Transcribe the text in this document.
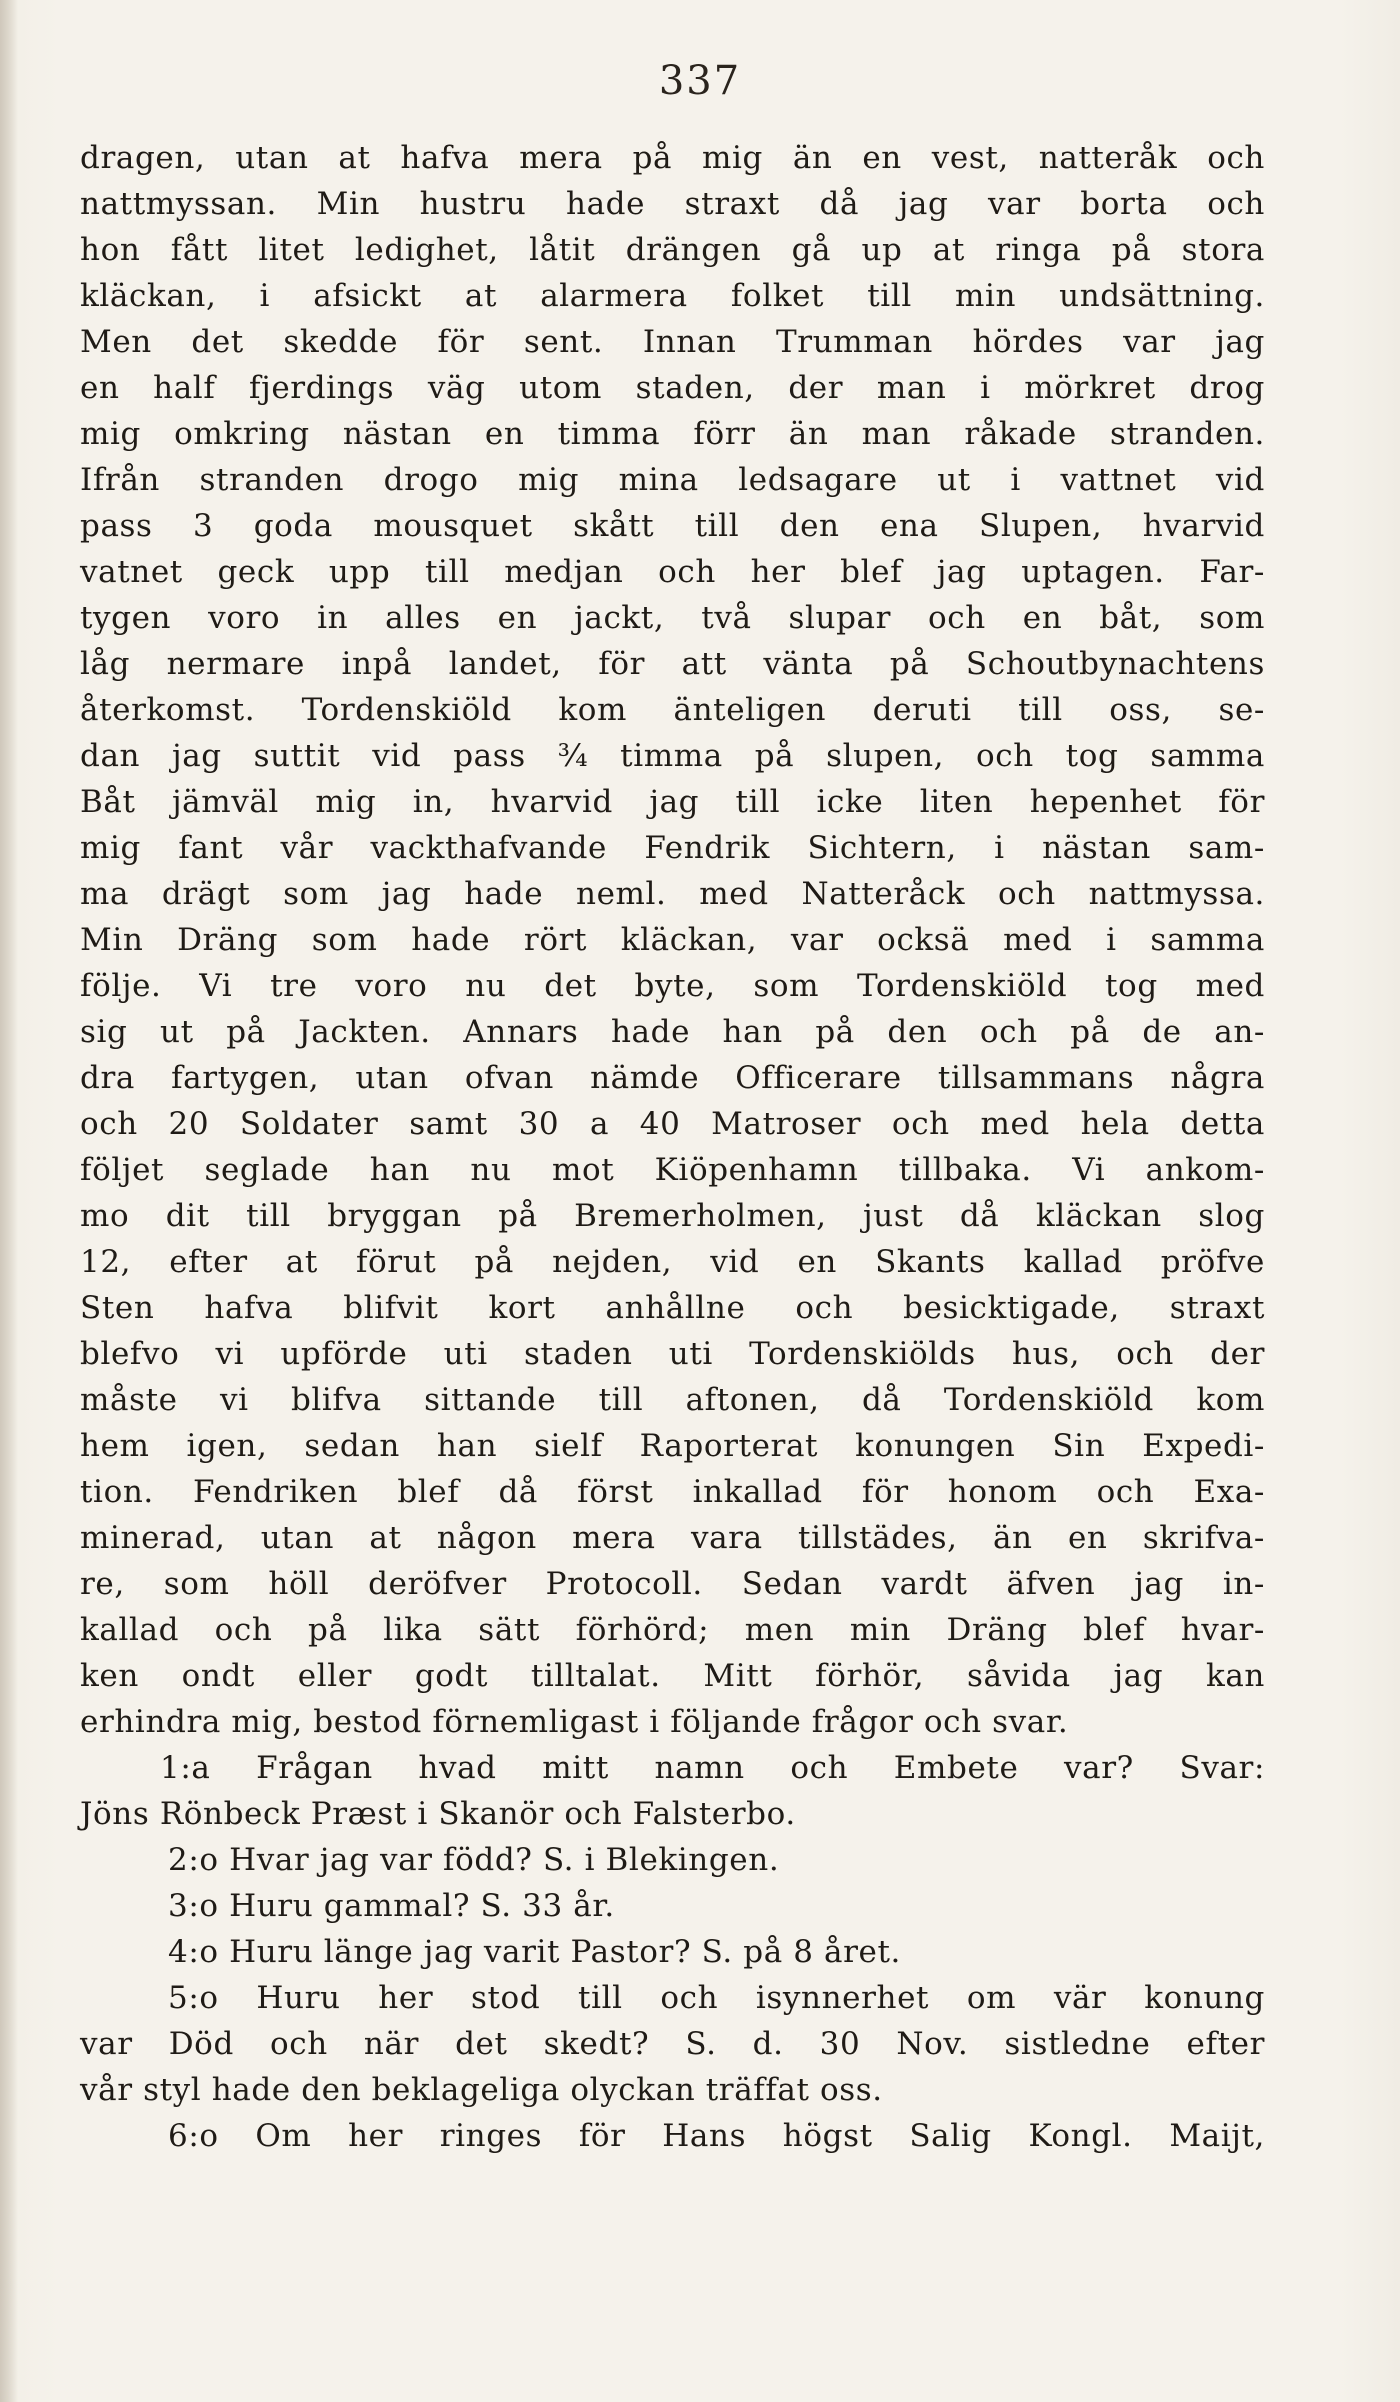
337
dragen, utan at hafva mera på mig än en vest, natteråk och
nattmyssan. Min hustru hade straxt då jag var borta och
hon fått litet ledighet, låtit drängen gå up at ringa på stora
kläckan, i afsickt at alarmera folket till min undsättning.
Men det skedde för sent. Innan Trumman hördes var jag
en half fjerdings väg utom staden, der man i mörkret drog
mig omkring nästan en timma förr än man råkade stranden.
Ifrån stranden drogo mig mina ledsagare ut i vattnet vid
pass 3 goda mousquet skått till den ena Slupen, hvarvid
vatnet geck upp till medjan och her blef jag uptagen. Far-
tygen voro in alles en jackt, två slupar och en båt, som
låg nermare inpå landet, för att vänta på Schoutbynachtens
återkomst. Tordenskiöld kom änteligen deruti till oss, se-
dan jag suttit vid pass ¾ timma på slupen, och tog samma
Båt jämväl mig in, hvarvid jag till icke liten hepenhet för
mig fant vår vackthafvande Fendrik Sichtern, i nästan sam-
ma drägt som jag hade neml. med Natteråck och nattmyssa.
Min Dräng som hade rört kläckan, var ocksä med i samma
följe. Vi tre voro nu det byte, som Tordenskiöld tog med
sig ut på Jackten. Annars hade han på den och på de an-
dra fartygen, utan ofvan nämde Officerare tillsammans några
och 20 Soldater samt 30 a 40 Matroser och med hela detta
följet seglade han nu mot Kiöpenhamn tillbaka. Vi ankom-
mo dit till bryggan på Bremerholmen, just då kläckan slog
12, efter at förut på nejden, vid en Skants kallad pröfve
Sten hafva blifvit kort anhållne och besicktigade, straxt
blefvo vi upförde uti staden uti Tordenskiölds hus, och der
måste vi blifva sittande till aftonen, då Tordenskiöld kom
hem igen, sedan han sielf Raporterat konungen Sin Expedi-
tion. Fendriken blef då först inkallad för honom och Exa-
minerad, utan at någon mera vara tillstädes, än en skrifva-
re, som höll deröfver Protocoll. Sedan vardt äfven jag in-
kallad och på lika sätt förhörd; men min Dräng blef hvar-
ken ondt eller godt tilltalat. Mitt förhör, såvida jag kan
erhindra mig, bestod förnemligast i följande frågor och svar.
1:a Frågan hvad mitt namn och Embete var? Svar:
Jöns Rönbeck Præst i Skanör och Falsterbo.
2:o Hvar jag var född? S. i Blekingen.
3:o Huru gammal? S. 33 år.
4:o Huru länge jag varit Pastor? S. på 8 året.
5:o Huru her stod till och isynnerhet om vär konung
var Död och när det skedt? S. d. 30 Nov. sistledne efter
vår styl hade den beklageliga olyckan träffat oss.
6:o Om her ringes för Hans högst Salig Kongl. Maijt,
